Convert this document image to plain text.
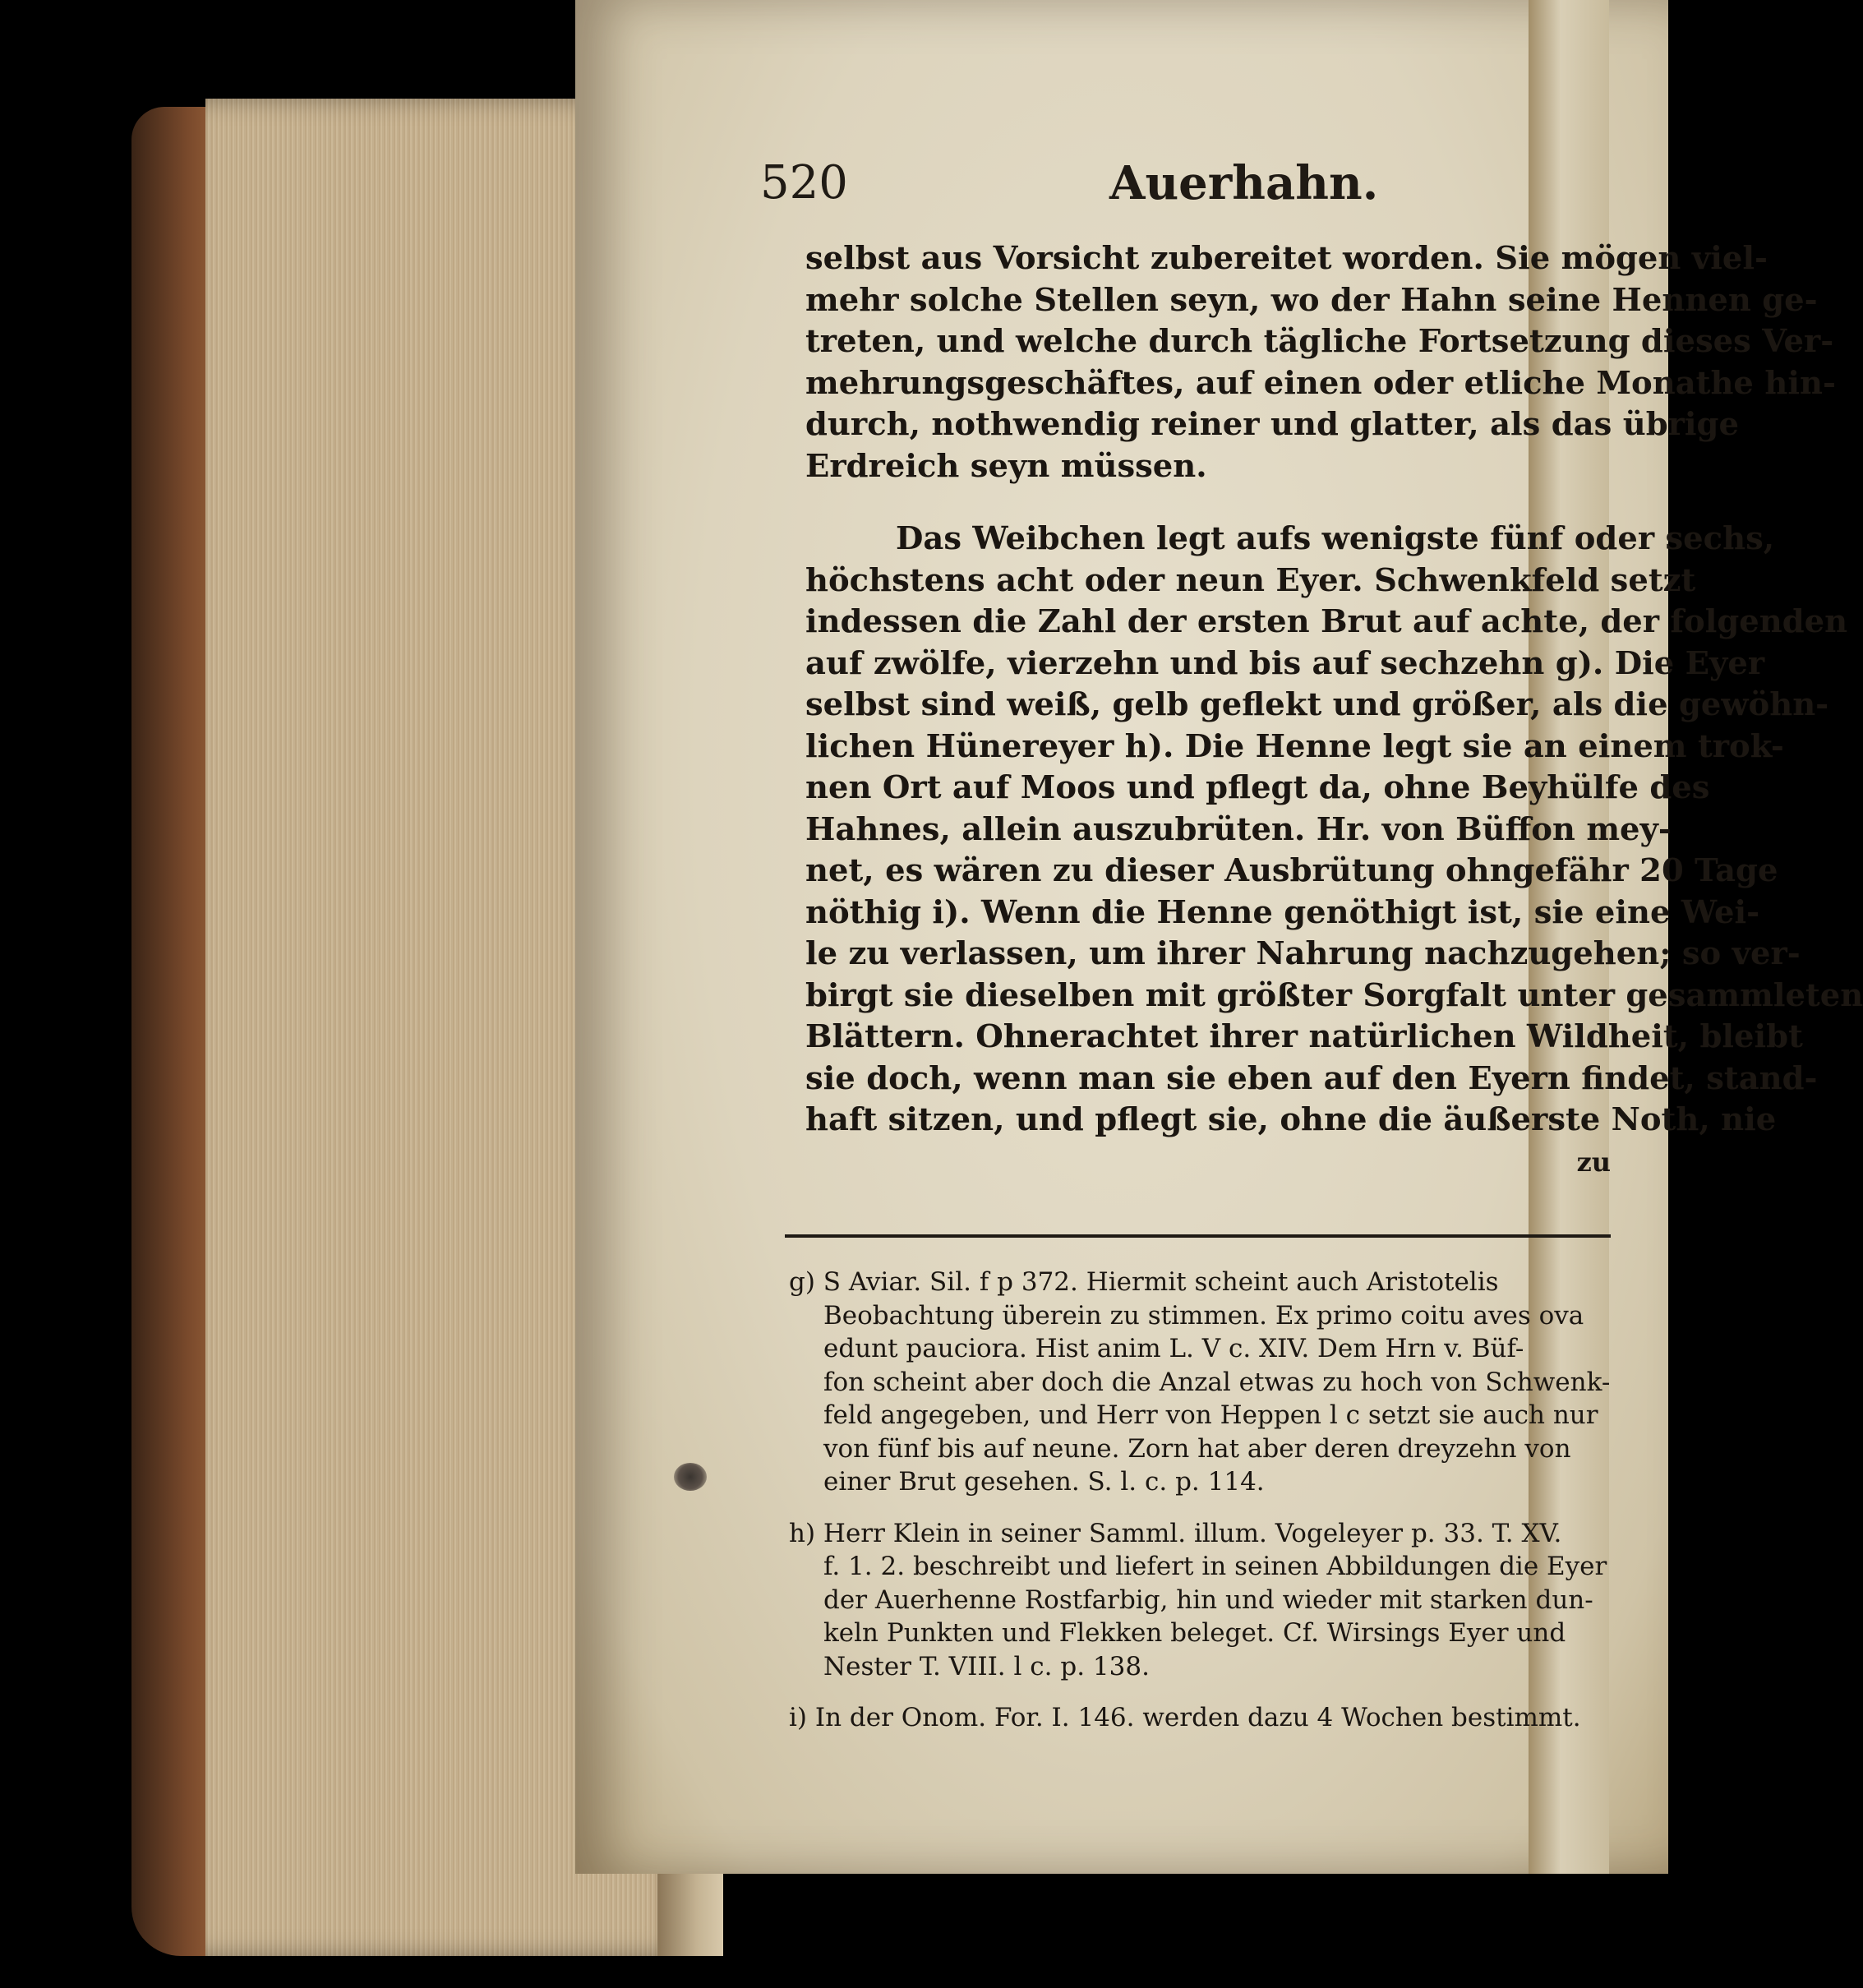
520	Auerhahn.
selbst aus Vorsicht zubereitet worden. Sie mögen viel-
mehr solche Stellen seyn, wo der Hahn seine Hennen ge-
treten, und welche durch tägliche Fortsetzung dieses Ver-
mehrungsgeschäftes, auf einen oder etliche Monathe hin-
durch, nothwendig reiner und glatter, als das übrige
Erdreich seyn müssen.
Das Weibchen legt aufs wenigste fünf oder sechs,
höchstens acht oder neun Eyer. Schwenkfeld setzt
indessen die Zahl der ersten Brut auf achte, der folgenden
auf zwölfe, vierzehn und bis auf sechzehn g). Die Eyer
selbst sind weiß, gelb geflekt und größer, als die gewöhn-
lichen Hünereyer h). Die Henne legt sie an einem trok-
nen Ort auf Moos und pflegt da, ohne Beyhülfe des
Hahnes, allein auszubrüten. Hr. von Büffon mey-
net, es wären zu dieser Ausbrütung ohngefähr 20 Tage
nöthig i). Wenn die Henne genöthigt ist, sie eine Wei-
le zu verlassen, um ihrer Nahrung nachzugehen; so ver-
birgt sie dieselben mit größter Sorgfalt unter gesammleten
Blättern. Ohnerachtet ihrer natürlichen Wildheit, bleibt
sie doch, wenn man sie eben auf den Eyern findet, stand-
haft sitzen, und pflegt sie, ohne die äußerste Noth, nie
zu
g) S Aviar. Sil. f p 372. Hiermit scheint auch Aristotelis
Beobachtung überein zu stimmen. Ex primo coitu aves ova
edunt pauciora. Hist anim L. V c. XIV. Dem Hrn v. Büf-
fon scheint aber doch die Anzal etwas zu hoch von Schwenk-
feld angegeben, und Herr von Heppen l c setzt sie auch nur
von fünf bis auf neune. Zorn hat aber deren dreyzehn von
einer Brut gesehen. S. l. c. p. 114.
h) Herr Klein in seiner Samml. illum. Vogeleyer p. 33. T. XV.
f. 1. 2. beschreibt und liefert in seinen Abbildungen die Eyer
der Auerhenne Rostfarbig, hin und wieder mit starken dun-
keln Punkten und Flekken beleget. Cf. Wirsings Eyer und
Nester T. VIII. l c. p. 138.
i) In der Onom. For. I. 146. werden dazu 4 Wochen bestimmt.
